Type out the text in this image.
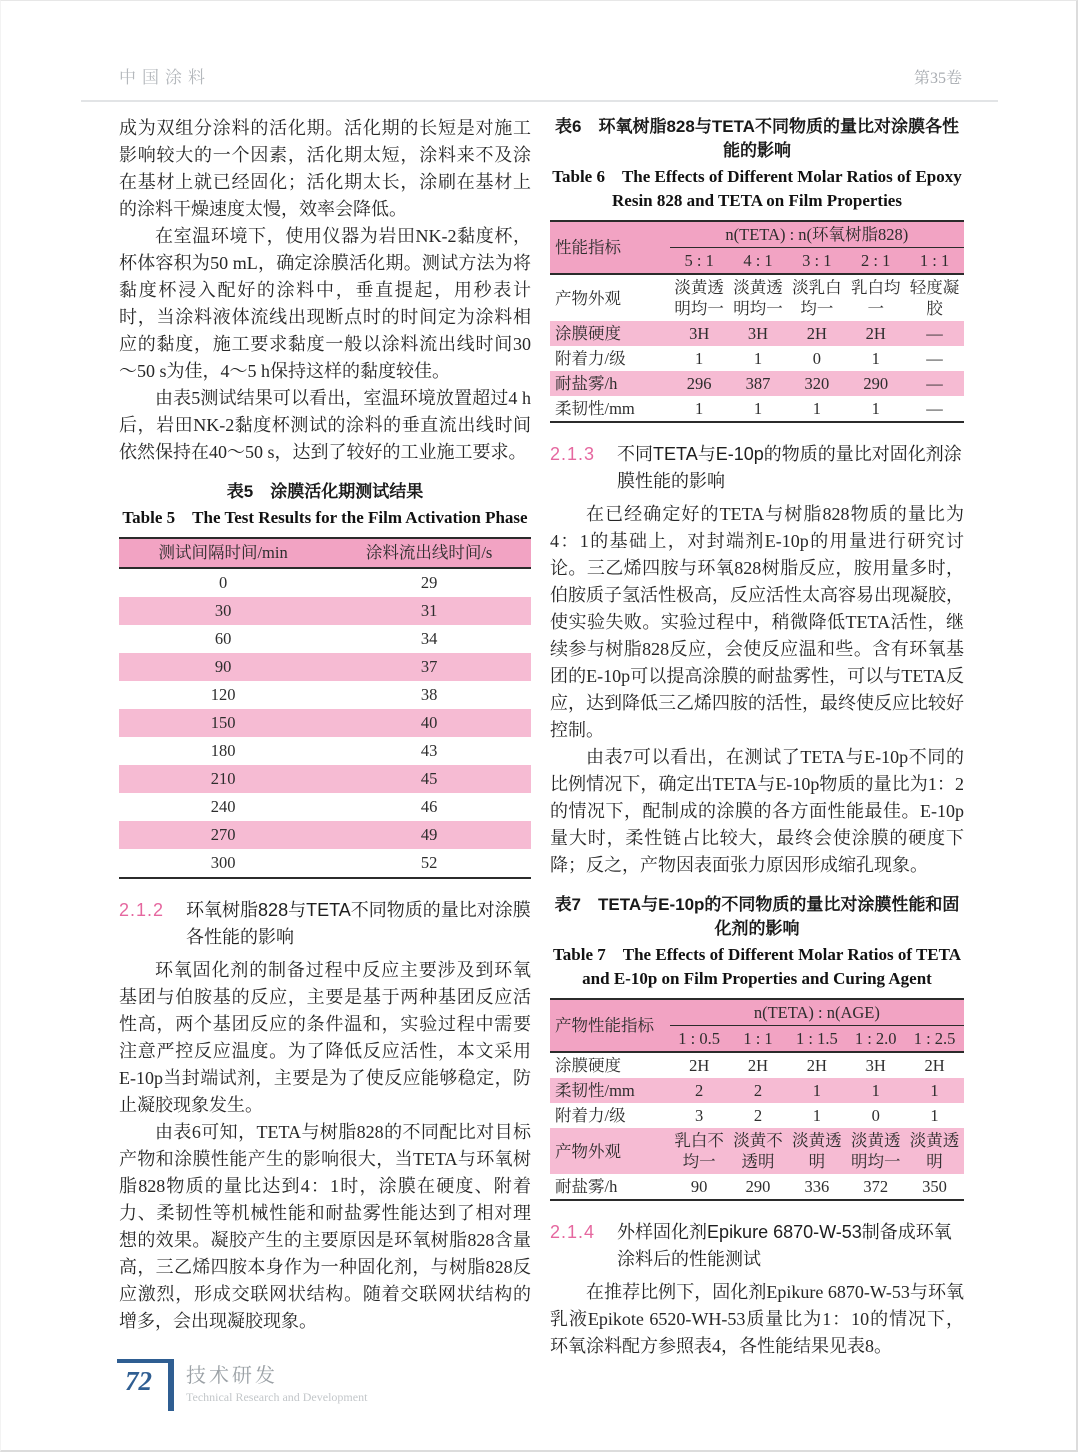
中国涂料	第35卷

成为双组分涂料的活化期。活化期的长短是对施工影响较大的一个因素，活化期太短，涂料来不及涂在基材上就已经固化；活化期太长，涂刷在基材上的涂料干燥速度太慢，效率会降低。

在室温环境下，使用仪器为岩田NK-2黏度杯，杯体容积为50 mL，确定涂膜活化期。测试方法为将黏度杯浸入配好的涂料中，垂直提起，用秒表计时，当涂料液体流线出现断点时的时间定为涂料相应的黏度，施工要求黏度一般以涂料流出线时间30～50 s为佳，4～5 h保持这样的黏度较佳。

由表5测试结果可以看出，室温环境放置超过4 h后，岩田NK-2黏度杯测试的涂料的垂直流出线时间依然保持在40～50 s，达到了较好的工业施工要求。

表5　涂膜活化期测试结果
Table 5　The Test Results for the Film Activation Phase
测试间隔时间/min	涂料流出线时间/s
0	29
30	31
60	34
90	37
120	38
150	40
180	43
210	45
240	46
270	49
300	52
2.1.2 环氧树脂828与TETA不同物质的量比对涂膜各性能的影响

环氧固化剂的制备过程中反应主要涉及到环氧基团与伯胺基的反应，主要是基于两种基团反应活性高，两个基团反应的条件温和，实验过程中需要注意严控反应温度。为了降低反应活性，本文采用E-10p当封端试剂，主要是为了使反应能够稳定，防止凝胶现象发生。

由表6可知，TETA与树脂828的不同配比对目标产物和涂膜性能产生的影响很大，当TETA与环氧树脂828物质的量比达到4：1时，涂膜在硬度、附着力、柔韧性等机械性能和耐盐雾性能达到了相对理想的效果。凝胶产生的主要原因是环氧树脂828含量高，三乙烯四胺本身作为一种固化剂，与树脂828反应激烈，形成交联网状结构。随着交联网状结构的增多，会出现凝胶现象。

表6　环氧树脂828与TETA不同物质的量比对涂膜各性能的影响
Table 6　The Effects of Different Molar Ratios of Epoxy Resin 828 and TETA on Film Properties
性能指标	n(TETA) : n(环氧树脂828)				
	5 : 1	4 : 1	3 : 1	2 : 1	1 : 1
产物外观	淡黄透明均一	淡黄透明均一	淡乳白均一	乳白均一	轻度凝胶
涂膜硬度	3H	3H	2H	2H	—
附着力/级	1	1	0	1	—
耐盐雾/h	296	387	320	290	—
柔韧性/mm	1	1	1	1	—
2.1.3 不同TETA与E-10p的物质的量比对固化剂涂膜性能的影响

在已经确定好的TETA与树脂828物质的量比为4：1的基础上，对封端剂E-10p的用量进行研究讨论。三乙烯四胺与环氧828树脂反应，胺用量多时，伯胺质子氢活性极高，反应活性太高容易出现凝胶，使实验失败。实验过程中，稍微降低TETA活性，继续参与树脂828反应，会使反应温和些。含有环氧基团的E-10p可以提高涂膜的耐盐雾性，可以与TETA反应，达到降低三乙烯四胺的活性，最终使反应比较好控制。

由表7可以看出，在测试了TETA与E-10p不同的比例情况下，确定出TETA与E-10p物质的量比为1：2的情况下，配制成的涂膜的各方面性能最佳。E-10p量大时，柔性链占比较大，最终会使涂膜的硬度下降；反之，产物因表面张力原因形成缩孔现象。

表7　TETA与E-10p的不同物质的量比对涂膜性能和固化剂的影响
Table 7　The Effects of Different Molar Ratios of TETA and E-10p on Film Properties and Curing Agent
产物性能指标	n(TETA) : n(AGE)				
	1 : 0.5	1 : 1	1 : 1.5	1 : 2.0	1 : 2.5
涂膜硬度	2H	2H	2H	3H	2H
柔韧性/mm	2	2	1	1	1
附着力/级	3	2	1	0	1
产物外观	乳白不均一	淡黄不透明	淡黄透明	淡黄透明均一	淡黄透明
耐盐雾/h	90	290	336	372	350
2.1.4 外样固化剂Epikure 6870-W-53制备成环氧涂料后的性能测试

在推荐比例下，固化剂Epikure 6870-W-53与环氧乳液Epikote 6520-WH-53质量比为1：10的情况下，环氧涂料配方参照表4，各性能结果见表8。

72	技术研发
Technical Research and Development
